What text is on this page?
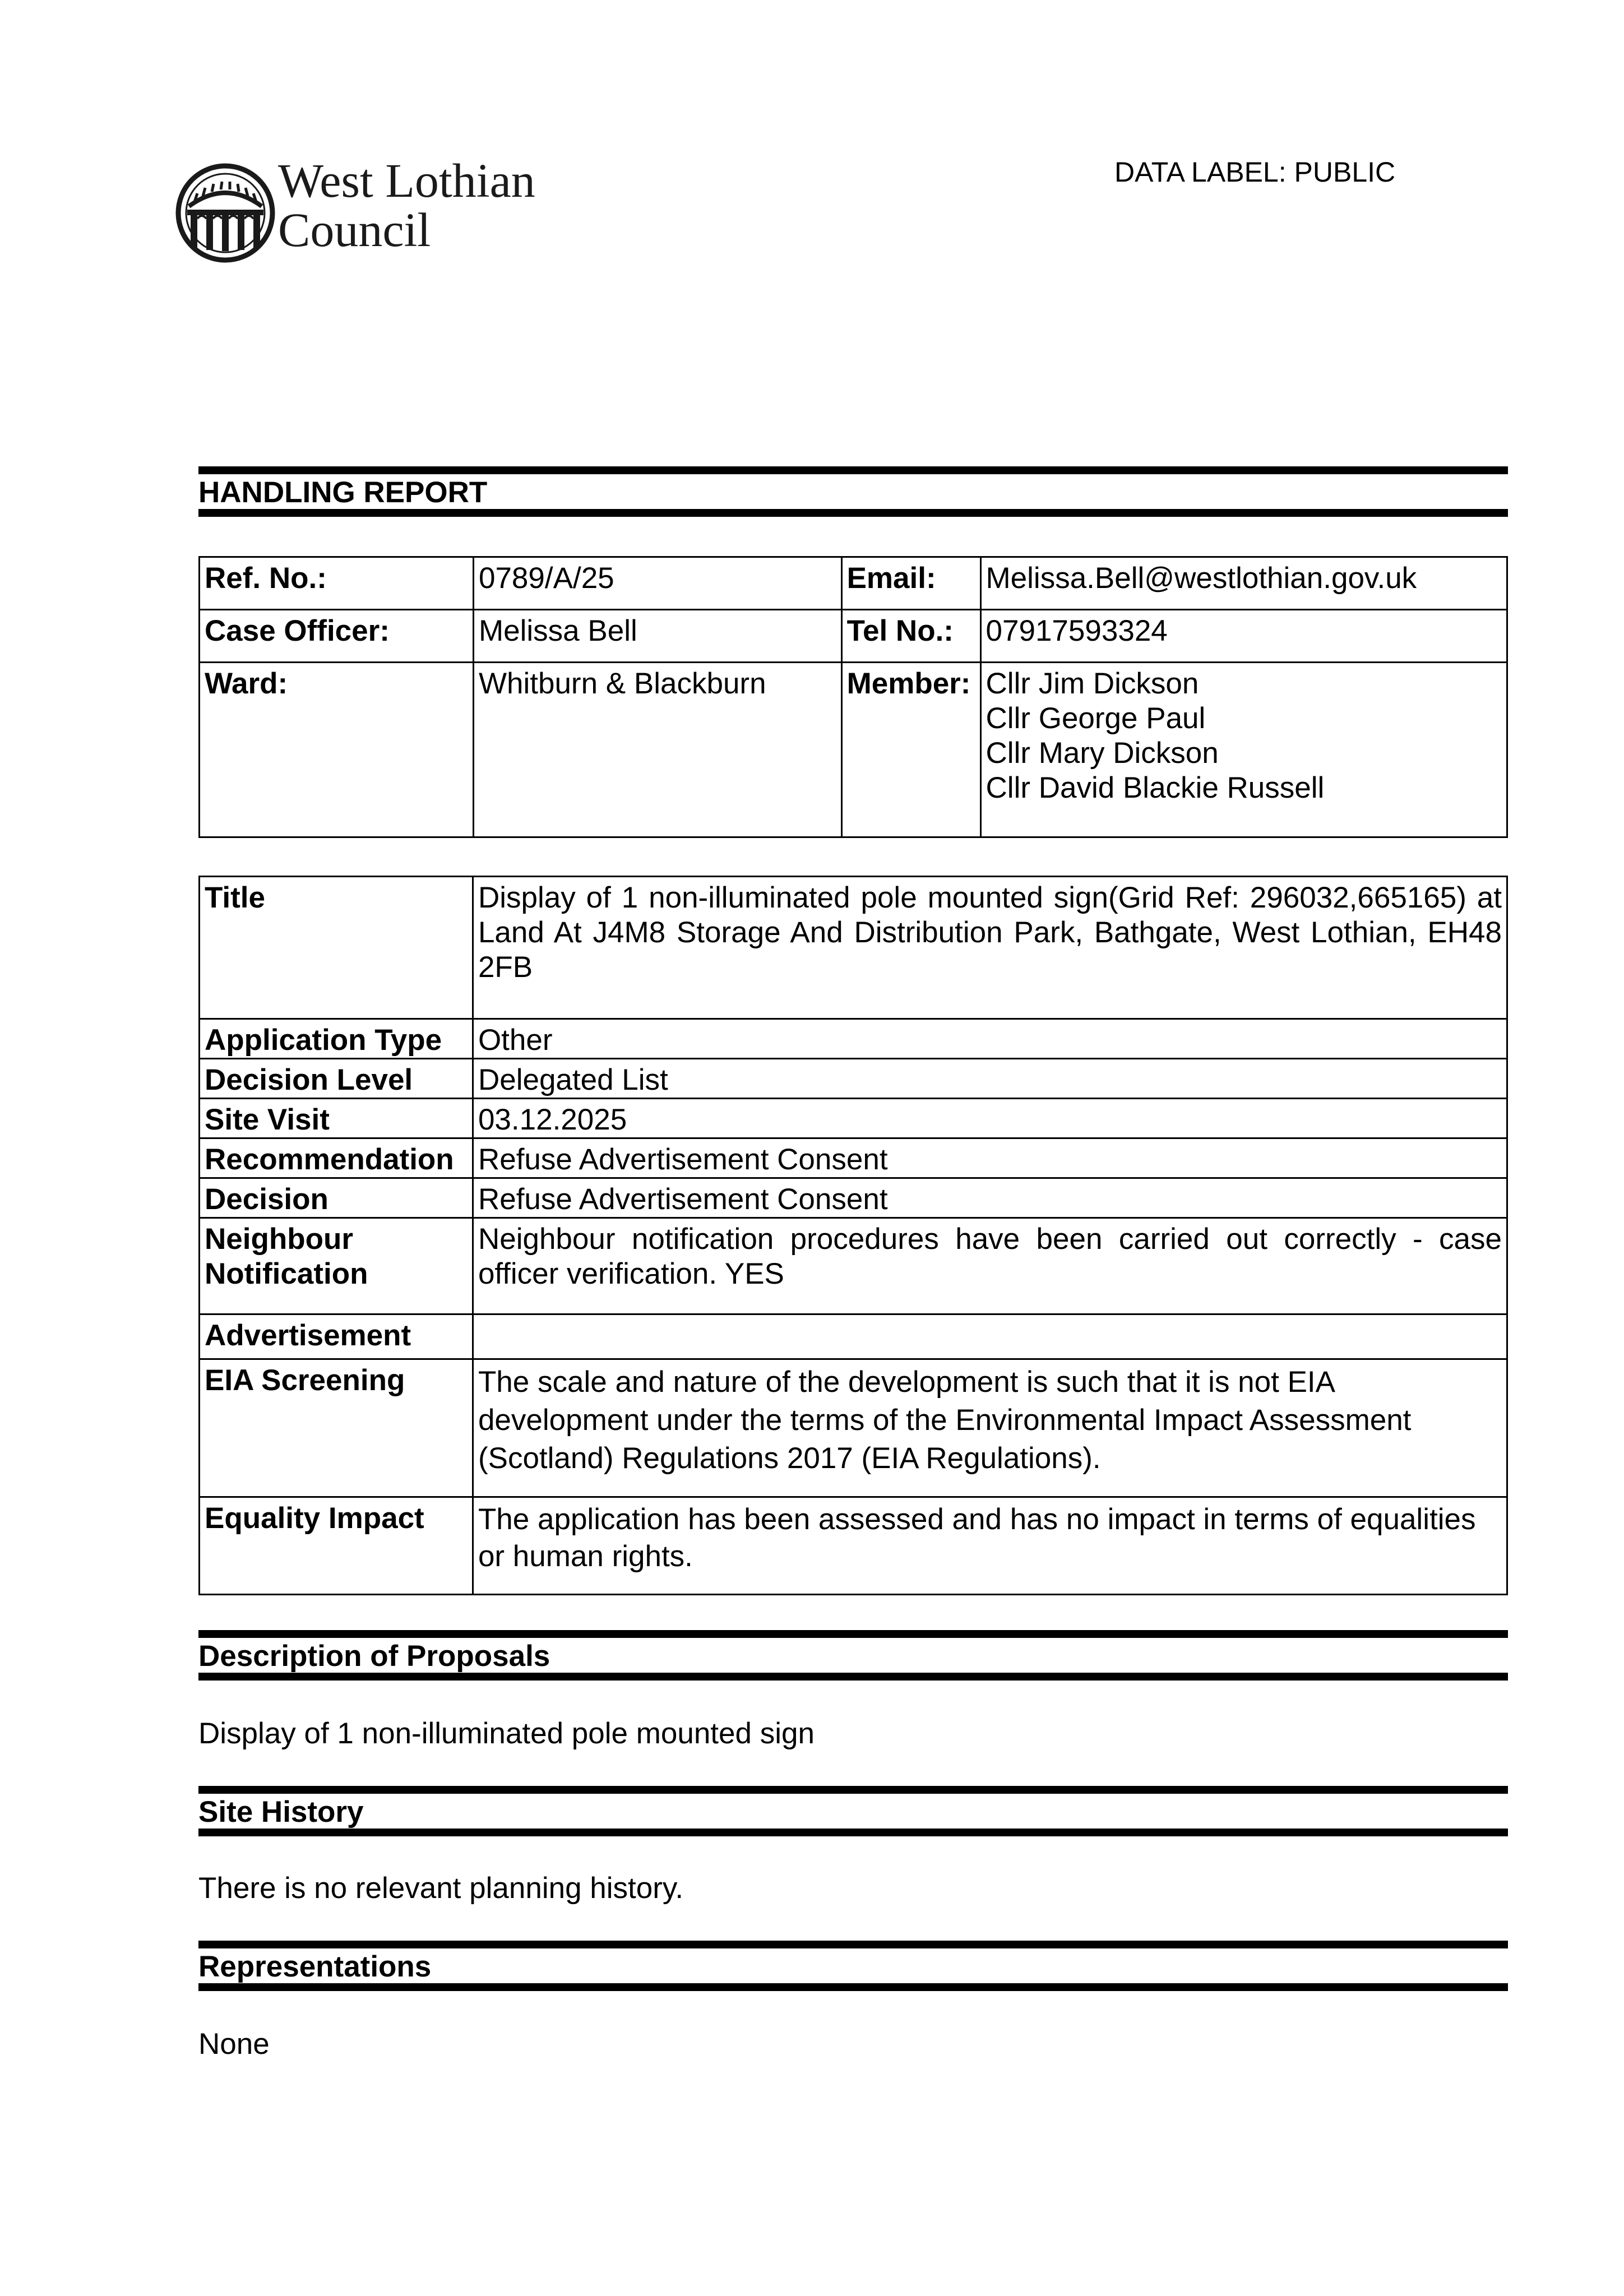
West Lothian
Council
DATA LABEL: PUBLIC
HANDLING REPORT
Ref. No.:	0789/A/25	Email:	Melissa.Bell@westlothian.gov.uk
Case Officer:	Melissa Bell	Tel No.:	07917593324
Ward:	Whitburn & Blackburn	Member:	Cllr Jim Dickson
Cllr George Paul
Cllr Mary Dickson
Cllr David Blackie Russell
Title	Display of 1 non-illuminated pole mounted sign(Grid Ref: 296032,665165) at Land At J4M8 Storage And Distribution Park, Bathgate, West Lothian, EH48 2FB
Application Type	Other
Decision Level	Delegated List
Site Visit	03.12.2025
Recommendation	Refuse Advertisement Consent
Decision	Refuse Advertisement Consent

Neighbour
Notification	Neighbour notification procedures have been carried out correctly - case officer verification. YES
Advertisement	
EIA Screening	The scale and nature of the development is such that it is not EIA development under the terms of the Environmental Impact Assessment (Scotland) Regulations 2017 (EIA Regulations).
Equality Impact	The application has been assessed and has no impact in terms of equalities or human rights.
Description of Proposals
Display of 1 non-illuminated pole mounted sign
Site History
There is no relevant planning history.
Representations
None
